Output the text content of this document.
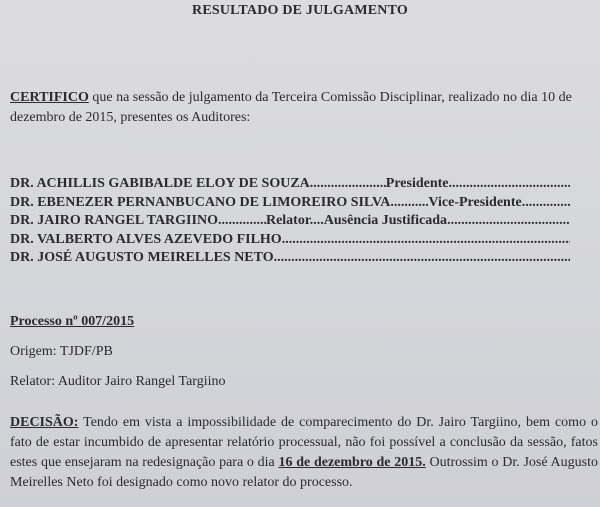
RESULTADO DE JULGAMENTO
CERTIFICO que na sessão de julgamento da Terceira Comissão Disciplinar, realizado no dia 10 de dezembro de 2015, presentes os Auditores:
DR. ACHILLIS GABIBALDE ELOY DE SOUZA .....	Presidente
.....
DR. EBENEZER PERNANBUCANO DE LIMOREIRO SILVA .....	Vice-Presidente
.....
DR. JAIRO RANGEL TARGIINO .....	Relator....Ausência Justificada
.....
DR. VALBERTO ALVES AZEVEDO FILHO
.....
DR. JOSÉ AUGUSTO MEIRELLES NETO
.....
Processo nº 007/2015
Origem: TJDF/PB
Relator: Auditor Jairo Rangel Targiino
DECISÃO: Tendo em vista a impossibilidade de comparecimento do Dr. Jairo Targiino, bem como o fato de estar incumbido de apresentar relatório processual, não foi possível a conclusão da sessão, fatos estes que ensejaram na redesignação para o dia 16 de dezembro de 2015. Outrossim o Dr. José Augusto Meirelles Neto foi designado como novo relator do processo.
